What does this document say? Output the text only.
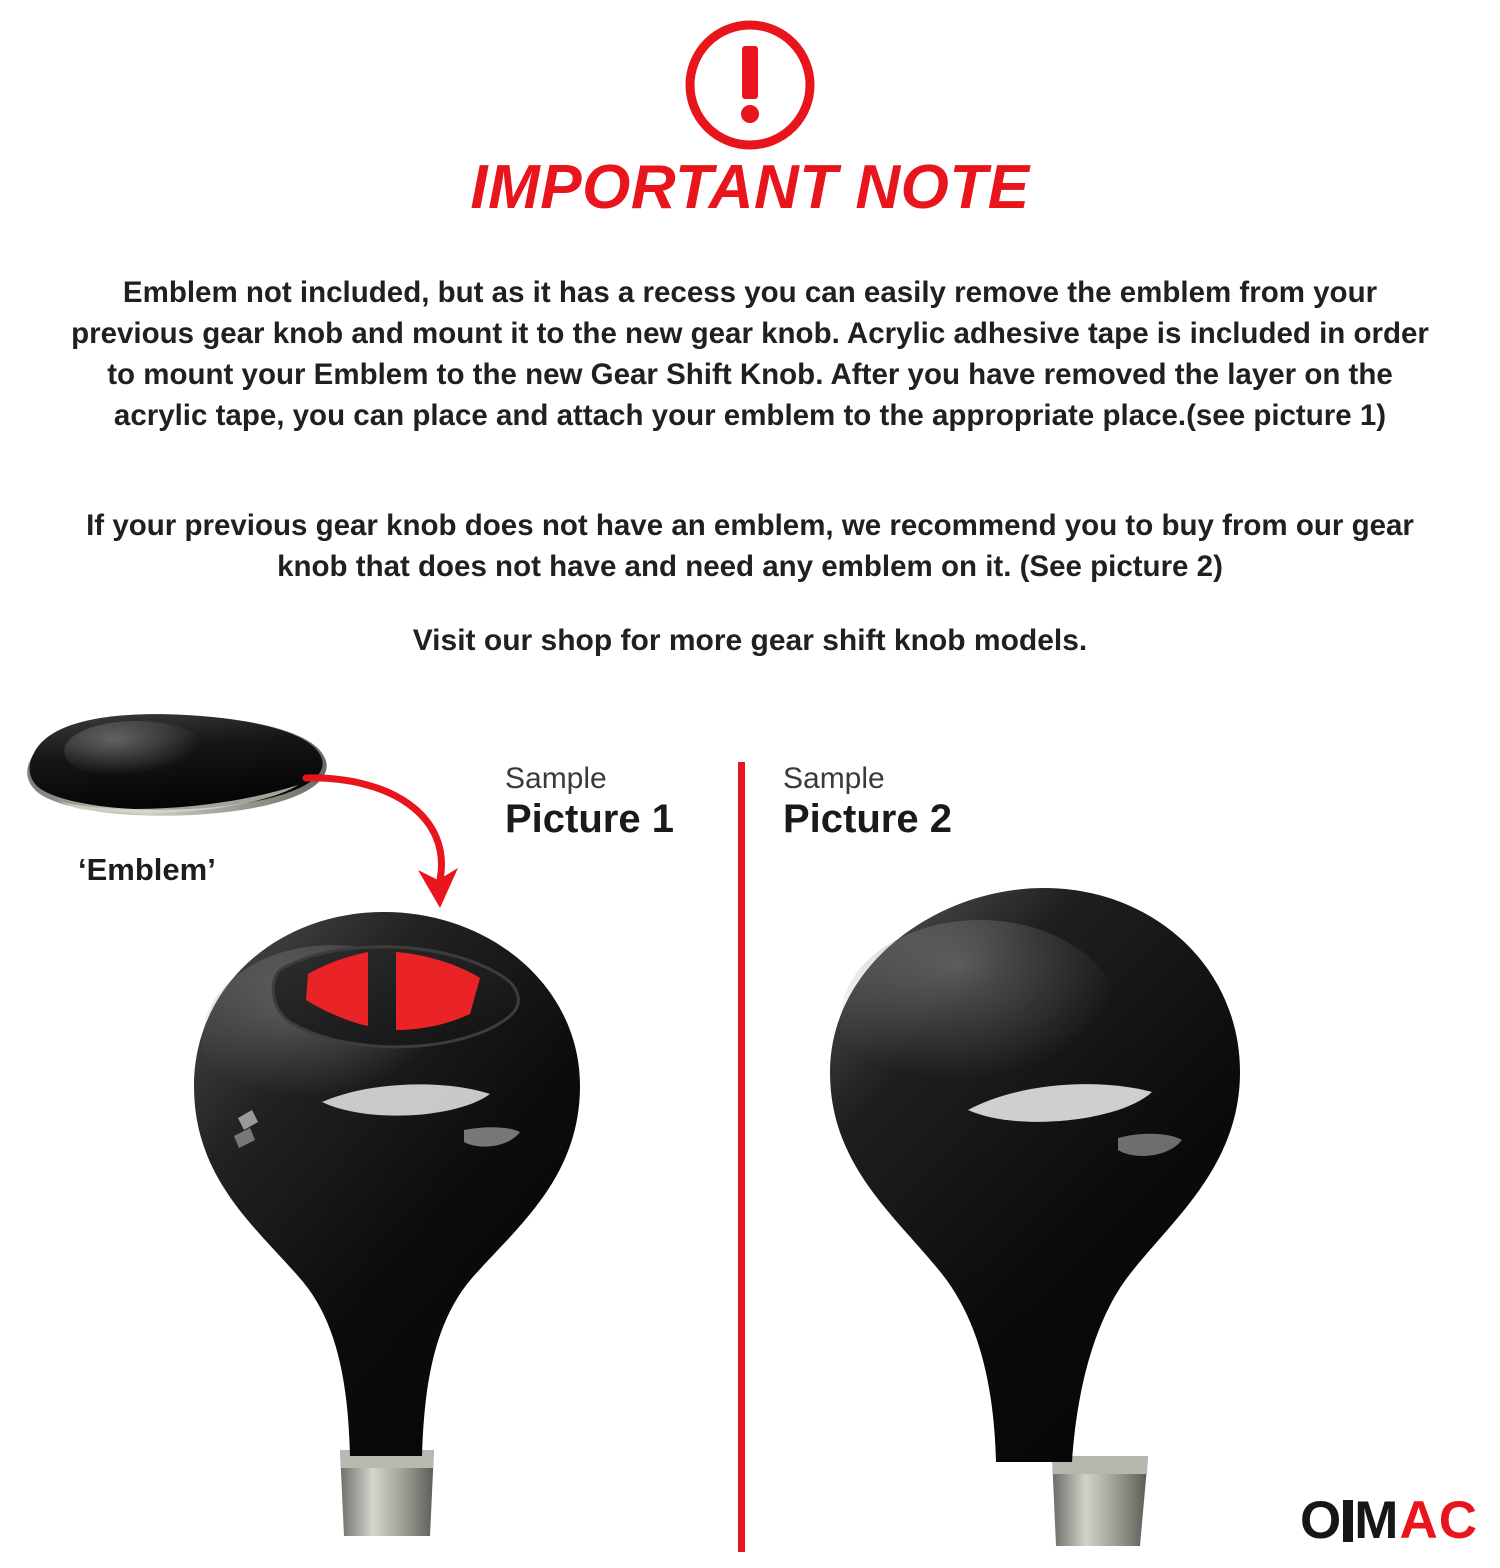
IMPORTANT NOTE
Emblem not included, but as it has a recess you can easily remove the emblem from your previous gear knob and mount it to the new gear knob. Acrylic adhesive tape is included in order to mount your Emblem to the new Gear Shift Knob. After you have removed the layer on the acrylic tape, you can place and attach your emblem to the appropriate place.(see picture 1)
If your previous gear knob does not have an emblem, we recommend you to buy from our gear knob that does not have and need any emblem on it. (See picture 2)
Visit our shop for more gear shift knob models.
‘Emblem’
Sample
Picture 1
Sample
Picture 2
O MAC
